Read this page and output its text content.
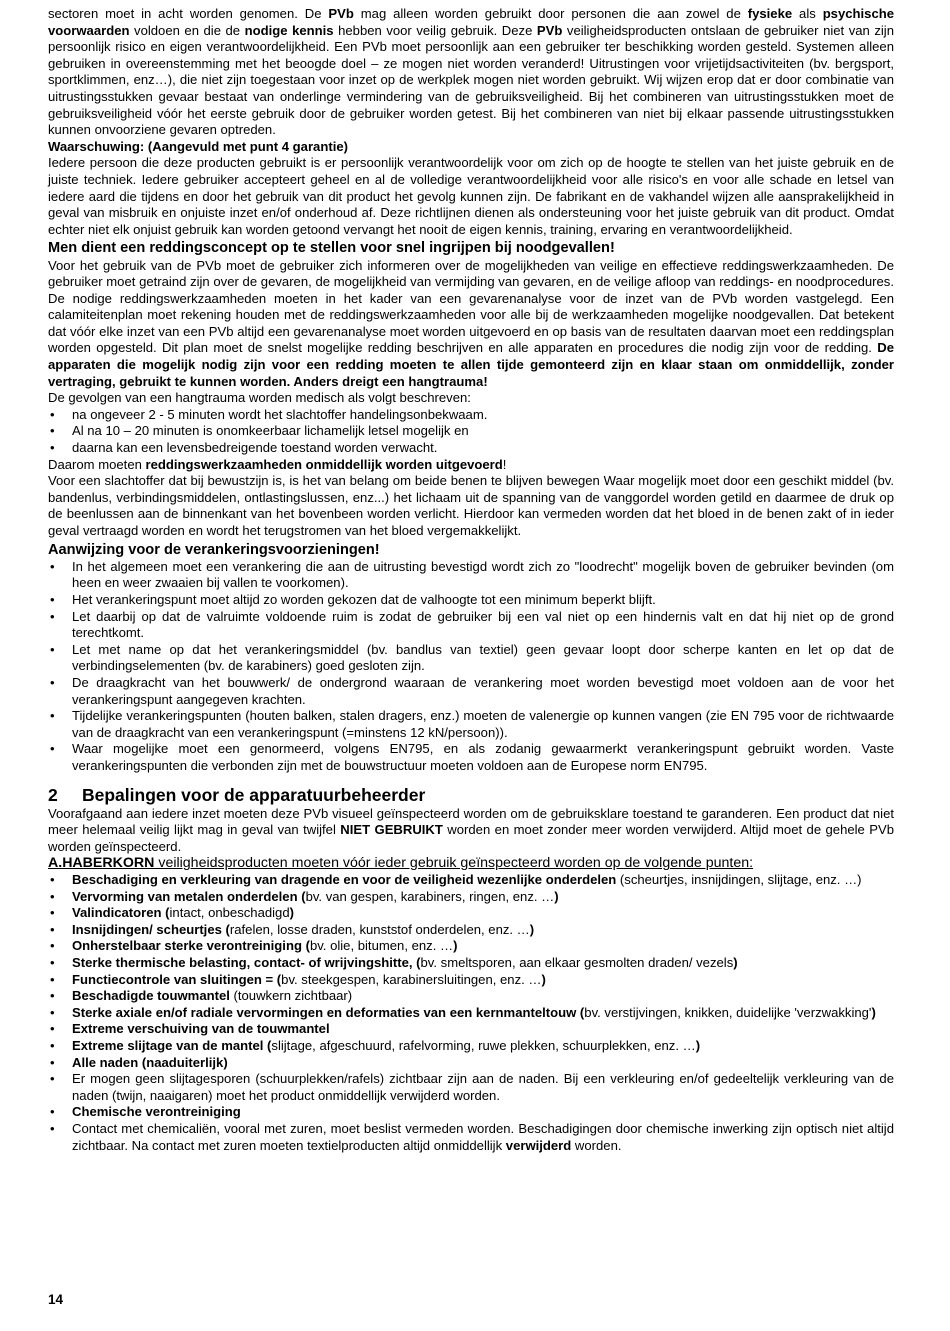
sectoren moet in acht worden genomen. De PVb mag alleen worden gebruikt door personen die aan zowel de fysieke als psychische voorwaarden voldoen en die de nodige kennis hebben voor veilig gebruik. Deze PVb veiligheidsproducten ontslaan de gebruiker niet van zijn persoonlijk risico en eigen verantwoordelijkheid. Een PVb moet persoonlijk aan een gebruiker ter beschikking worden gesteld. Systemen alleen gebruiken in overeenstemming met het beoogde doel – ze mogen niet worden veranderd! Uitrustingen voor vrijetijdsactiviteiten (bv. bergsport, sportklimmen, enz…), die niet zijn toegestaan voor inzet op de werkplek mogen niet worden gebruikt. Wij wijzen erop dat er door combinatie van uitrustingsstukken gevaar bestaat van onderlinge vermindering van de gebruiksveiligheid. Bij het combineren van uitrustingsstukken moet de gebruiksveiligheid vóór het eerste gebruik door de gebruiker worden getest. Bij het combineren van niet bij elkaar passende uitrustingsstukken kunnen onvoorziene gevaren optreden.

Waarschuwing: (Aangevuld met punt 4 garantie)

Iedere persoon die deze producten gebruikt is er persoonlijk verantwoordelijk voor om zich op de hoogte te stellen van het juiste gebruik en de juiste techniek. Iedere gebruiker accepteert geheel en al de volledige verantwoordelijkheid voor alle risico's en voor alle schade en letsel van iedere aard die tijdens en door het gebruik van dit product het gevolg kunnen zijn. De fabrikant en de vakhandel wijzen alle aansprakelijkheid in geval van misbruik en onjuiste inzet en/of onderhoud af. Deze richtlijnen dienen als ondersteuning voor het juiste gebruik van dit product. Omdat echter niet elk onjuist gebruik kan worden getoond vervangt het nooit de eigen kennis, training, ervaring en verantwoordelijkheid.

Men dient een reddingsconcept op te stellen voor snel ingrijpen bij noodgevallen!

Voor het gebruik van de PVb moet de gebruiker zich informeren over de mogelijkheden van veilige en effectieve reddingswerkzaamheden. De gebruiker moet getraind zijn over de gevaren, de mogelijkheid van vermijding van gevaren, en de veilige afloop van reddings- en noodprocedures. De nodige reddingswerkzaamheden moeten in het kader van een gevarenanalyse voor de inzet van de PVb worden vastgelegd. Een calamiteitenplan moet rekening houden met de reddingswerkzaamheden voor alle bij de werkzaamheden mogelijke noodgevallen. Dat betekent dat vóór elke inzet van een PVb altijd een gevarenanalyse moet worden uitgevoerd en op basis van de resultaten daarvan moet een reddingsplan worden opgesteld. Dit plan moet de snelst mogelijke redding beschrijven en alle apparaten en procedures die nodig zijn voor de redding. De apparaten die mogelijk nodig zijn voor een redding moeten te allen tijde gemonteerd zijn en klaar staan om onmiddellijk, zonder vertraging, gebruikt te kunnen worden. Anders dreigt een hangtrauma!

De gevolgen van een hangtrauma worden medisch als volgt beschreven:

• na ongeveer 2 - 5 minuten wordt het slachtoffer handelingsonbekwaam.
• Al na 10 – 20 minuten is onomkeerbaar lichamelijk letsel mogelijk en
• daarna kan een levensbedreigende toestand worden verwacht.

Daarom moeten reddingswerkzaamheden onmiddellijk worden uitgevoerd!

Voor een slachtoffer dat bij bewustzijn is, is het van belang om beide benen te blijven bewegen Waar mogelijk moet door een geschikt middel (bv. bandenlus, verbindingsmiddelen, ontlastingslussen, enz...) het lichaam uit de spanning van de vanggordel worden getild en daarmee de druk op de beenlussen aan de binnenkant van het bovenbeen worden verlicht. Hierdoor kan vermeden worden dat het bloed in de benen zakt of in ieder geval vertraagd worden en wordt het terugstromen van het bloed vergemakkelijkt.

Aanwijzing voor de verankeringsvoorzieningen!
• In het algemeen moet een verankering die aan de uitrusting bevestigd wordt zich zo "loodrecht" mogelijk boven de gebruiker bevinden (om heen en weer zwaaien bij vallen te voorkomen).
• Het verankeringspunt moet altijd zo worden gekozen dat de valhoogte tot een minimum beperkt blijft.
• Let daarbij op dat de valruimte voldoende ruim is zodat de gebruiker bij een val niet op een hindernis valt en dat hij niet op de grond terechtkomt.
• Let met name op dat het verankeringsmiddel (bv. bandlus van textiel) geen gevaar loopt door scherpe kanten en let op dat de verbindingselementen (bv. de karabiners) goed gesloten zijn.
• De draagkracht van het bouwwerk/ de ondergrond waaraan de verankering moet worden bevestigd moet voldoen aan de voor het verankeringspunt aangegeven krachten.
• Tijdelijke verankeringspunten (houten balken, stalen dragers, enz.) moeten de valenergie op kunnen vangen (zie EN 795 voor de richtwaarde van de draagkracht van een verankeringspunt (=minstens 12 kN/persoon)).
• Waar mogelijke moet een genormeerd, volgens EN795, en als zodanig gewaarmerkt verankeringspunt gebruikt worden. Vaste verankeringspunten die verbonden zijn met de bouwstructuur moeten voldoen aan de Europese norm EN795.
2 Bepalingen voor de apparatuurbeheerder

Voorafgaand aan iedere inzet moeten deze PVb visueel geïnspecteerd worden om de gebruiksklare toestand te garanderen. Een product dat niet meer helemaal veilig lijkt mag in geval van twijfel NIET GEBRUIKT worden en moet zonder meer worden verwijderd. Altijd moet de gehele PVb worden geïnspecteerd.

A.HABERKORN veiligheidsproducten moeten vóór ieder gebruik geïnspecteerd worden op de volgende punten:

• Beschadiging en verkleuring van dragende en voor de veiligheid wezenlijke onderdelen (scheurtjes, insnijdingen, slijtage, enz. …)
• Vervorming van metalen onderdelen (bv. van gespen, karabiners, ringen, enz. …)
• Valindicatoren (intact, onbeschadigd)
• Insnijdingen/ scheurtjes (rafelen, losse draden, kunststof onderdelen, enz. …)
• Onherstelbaar sterke verontreiniging (bv. olie, bitumen, enz. …)
• Sterke thermische belasting, contact- of wrijvingshitte, (bv. smeltsporen, aan elkaar gesmolten draden/ vezels)
• Functiecontrole van sluitingen = (bv. steekgespen, karabinersluitingen, enz. …)
• Beschadigde touwmantel (touwkern zichtbaar)
• Sterke axiale en/of radiale vervormingen en deformaties van een kernmanteltouw (bv. verstijvingen, knikken, duidelijke 'verzwakking')
• Extreme verschuiving van de touwmantel
• Extreme slijtage van de mantel (slijtage, afgeschuurd, rafelvorming, ruwe plekken, schuurplekken, enz. …)
• Alle naden (naaduiterlijk)
• Er mogen geen slijtagesporen (schuurplekken/rafels) zichtbaar zijn aan de naden. Bij een verkleuring en/of gedeeltelijk verkleuring van de naden (twijn, naaigaren) moet het product onmiddellijk verwijderd worden.
• Chemische verontreiniging
• Contact met chemicaliën, vooral met zuren, moet beslist vermeden worden. Beschadigingen door chemische inwerking zijn optisch niet altijd zichtbaar. Na contact met zuren moeten textielproducten altijd onmiddellijk verwijderd worden.
14
